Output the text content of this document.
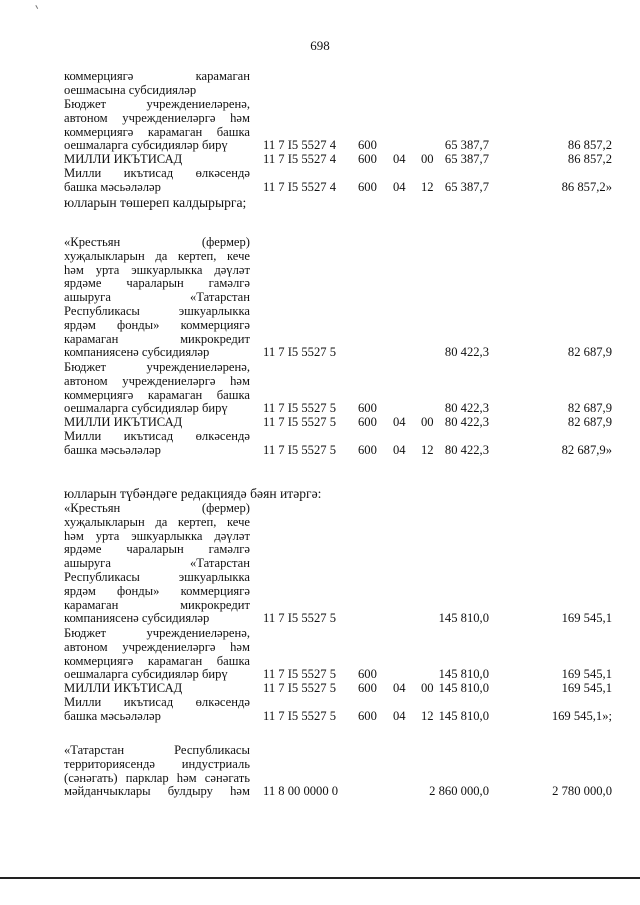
698
коммерциягә карамаган
оешмасына субсидияләр
Бюджет учреждениеләренә,
автоном учреждениеләргә һәм
коммерциягә карамаган башка
оешмаларга субсидияләр бирү	11 7 I5 5527 4 600	65 387,7	86 857,2
МИЛЛИ ИКЪТИСАД	11 7 I5 5527 4 600 04 00 65 387,7	86 857,2
Милли икътисад өлкәсендә
башка мәсьәләләр	11 7 I5 5527 4 600 04 12 65 387,7	86 857,2»
юлларын төшереп калдырырга;
«Крестьян (фермер)
хуҗалыкларын да кертеп, кече
һәм урта эшкуарлыкка дәүләт
ярдәме чараларын гамәлгә
ашыруга «Татарстан
Республикасы эшкуарлыкка
ярдәм фонды» коммерциягә
карамаган микрокредит
компаниясенә субсидияләр	11 7 I5 5527 5	80 422,3	82 687,9
Бюджет учреждениеләренә,
автоном учреждениеләргә һәм
коммерциягә карамаган башка
оешмаларга субсидияләр бирү	11 7 I5 5527 5 600	80 422,3	82 687,9
МИЛЛИ ИКЪТИСАД	11 7 I5 5527 5 600 04 00 80 422,3	82 687,9
Милли икътисад өлкәсендә
башка мәсьәләләр	11 7 I5 5527 5 600 04 12 80 422,3	82 687,9»
юлларын түбәндәге редакциядә бәян итәргә:
«Крестьян (фермер)
хуҗалыкларын да кертеп, кече
һәм урта эшкуарлыкка дәүләт
ярдәме чараларын гамәлгә
ашыруга «Татарстан
Республикасы эшкуарлыкка
ярдәм фонды» коммерциягә
карамаган микрокредит
компаниясенә субсидияләр	11 7 I5 5527 5	145 810,0	169 545,1
Бюджет учреждениеләренә,
автоном учреждениеләргә һәм
коммерциягә карамаган башка
оешмаларга субсидияләр бирү	11 7 I5 5527 5 600	145 810,0	169 545,1
МИЛЛИ ИКЪТИСАД	11 7 I5 5527 5 600 04 00 145 810,0	169 545,1
Милли икътисад өлкәсендә
башка мәсьәләләр	11 7 I5 5527 5 600 04 12 145 810,0	169 545,1»;
«Татарстан Республикасы
территориясендә индустриаль
(сәнәгать) парклар һәм сәнәгать
мәйданчыклары булдыру һәм 11 8 00 0000 0	2 860 000,0	2 780 000,0
